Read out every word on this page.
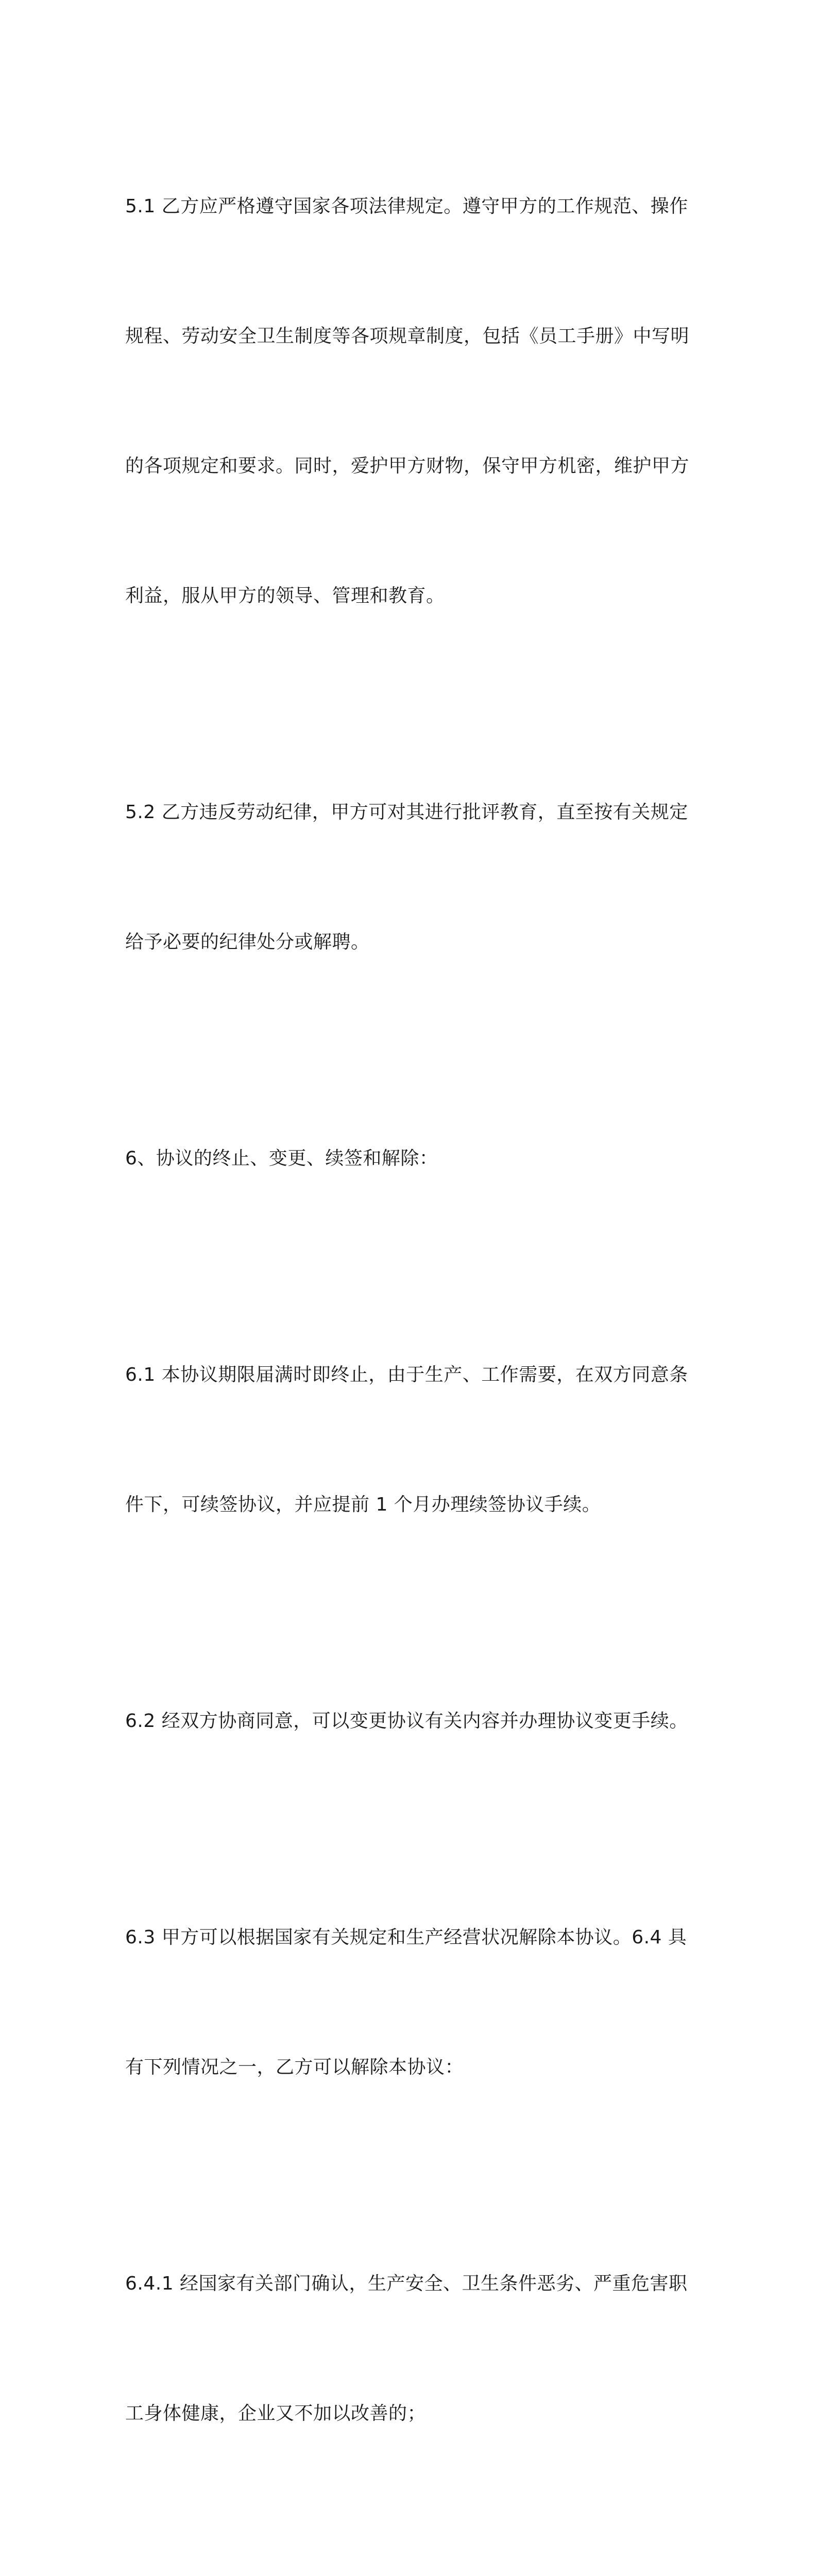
5.1 乙方应严格遵守国家各项法律规定。遵守甲方的工作规范、操作

规程、劳动安全卫生制度等各项规章制度，包括《员工手册》中写明

的各项规定和要求。同时，爱护甲方财物，保守甲方机密，维护甲方

利益，服从甲方的领导、管理和教育。

5.2 乙方违反劳动纪律，甲方可对其进行批评教育，直至按有关规定

给予必要的纪律处分或解聘。

6、协议的终止、变更、续签和解除：

6.1 本协议期限届满时即终止，由于生产、工作需要，在双方同意条

件下，可续签协议，并应提前 1 个月办理续签协议手续。

6.2 经双方协商同意，可以变更协议有关内容并办理协议变更手续。

6.3 甲方可以根据国家有关规定和生产经营状况解除本协议。6.4 具

有下列情况之一，乙方可以解除本协议：

6.4.1 经国家有关部门确认，生产安全、卫生条件恶劣、严重危害职

工身体健康，企业又不加以改善的；
